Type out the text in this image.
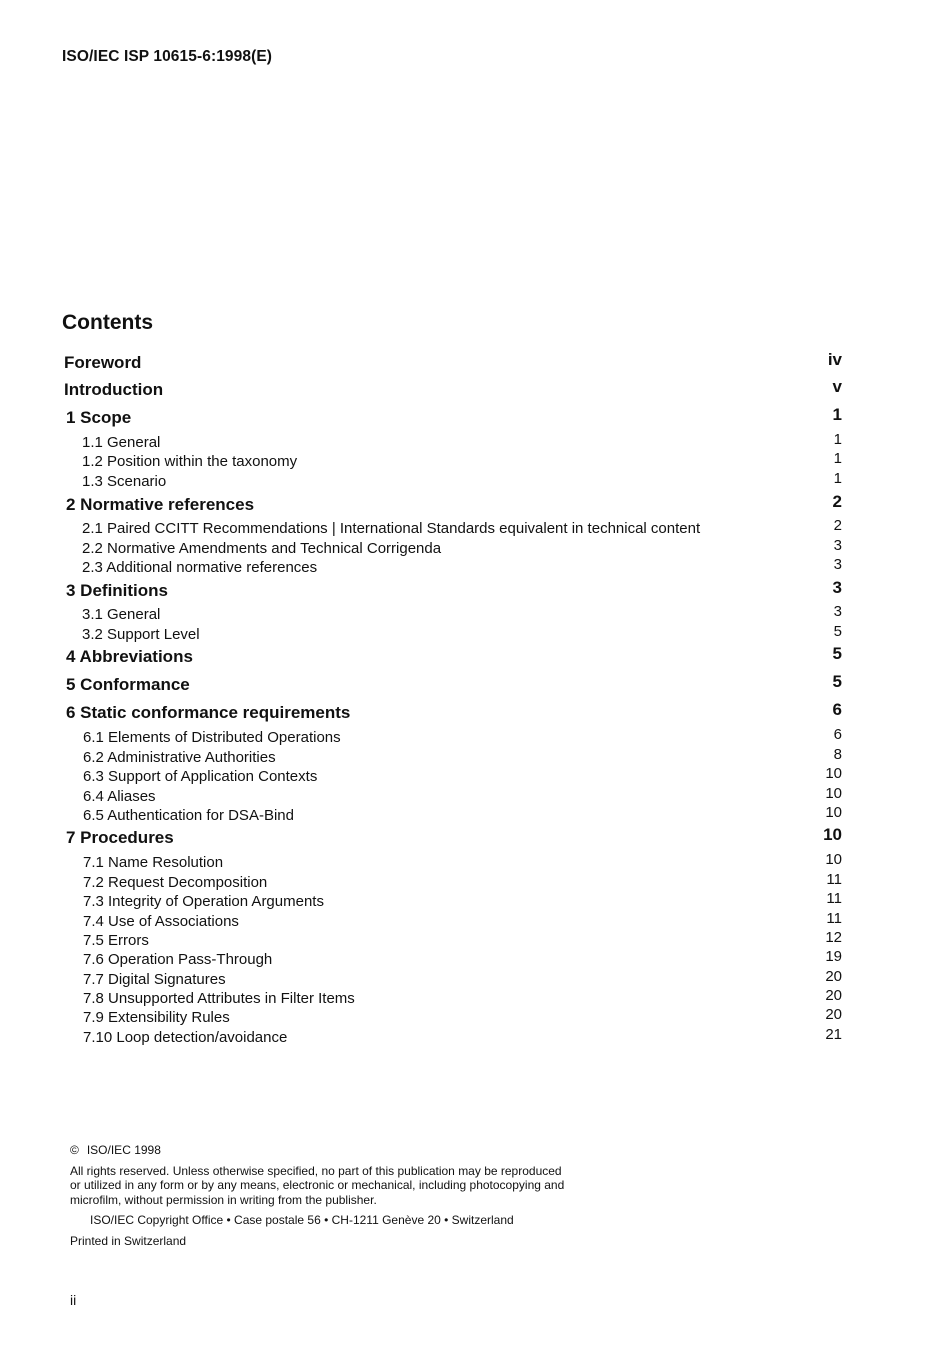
ISO/IEC ISP 10615-6:1998(E)
Contents
Foreword	iv
Introduction	v
1 Scope	1
1.1 General	1
1.2 Position within the taxonomy	1
1.3 Scenario	1
2 Normative references	2
2.1 Paired CCITT Recommendations | International Standards equivalent in technical content	2
2.2 Normative Amendments and Technical Corrigenda	3
2.3 Additional normative references	3
3 Definitions	3
3.1 General	3
3.2 Support Level	5
4 Abbreviations	5
5 Conformance	5
6 Static conformance requirements	6
6.1 Elements of Distributed Operations	6
6.2 Administrative Authorities	8
6.3 Support of Application Contexts	10
6.4 Aliases	10
6.5 Authentication for DSA-Bind	10
7 Procedures	10
7.1 Name Resolution	10
7.2 Request Decomposition	11
7.3 Integrity of Operation Arguments	11
7.4 Use of Associations	11
7.5 Errors	12
7.6 Operation Pass-Through	19
7.7 Digital Signatures	20
7.8 Unsupported Attributes in Filter Items	20
7.9 Extensibility Rules	20
7.10 Loop detection/avoidance	21
© ISO/IEC 1998
All rights reserved. Unless otherwise specified, no part of this publication may be reproduced
or utilized in any form or by any means, electronic or mechanical, including photocopying and
microfilm, without permission in writing from the publisher.
ISO/IEC Copyright Office • Case postale 56 • CH-1211 Genève 20 • Switzerland
Printed in Switzerland
ii
